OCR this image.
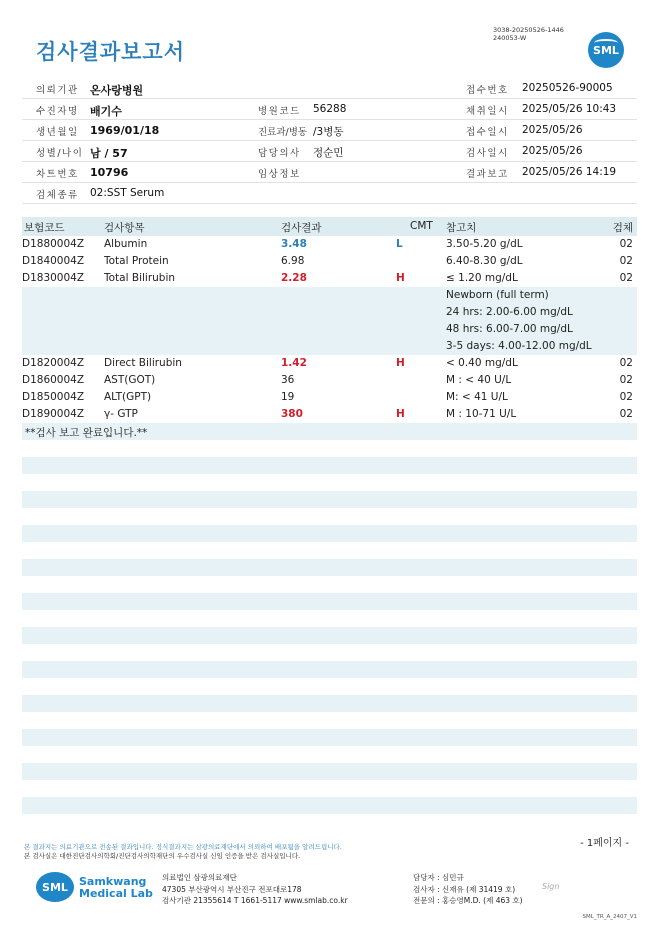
검사결과보고서
3038-20250526-1446
240053-W
SML
의뢰기관 온사랑병원	접수번호 20250526-90005
수진자명 배기수	병원코드 56288	채취일시 2025/05/26 10:43
생년월일 1969/01/18	진료과/병동 /3병동	접수일시 2025/05/26
성별/나이 남 / 57	담당의사 정순민	검사일시 2025/05/26
차트번호 10796	임상정보	결과보고 2025/05/26 14:19
검체종류 02:SST Serum
보험코드	검사항목	검사결과	CMT 참고치	검체
D1880004Z Albumin	3.48	L	3.50-5.20 g/dL	02
D1840004Z Total Protein	6.98	6.40-8.30 g/dL	02
D1830004Z Total Bilirubin	2.28	H	≤ 1.20 mg/dL	02
Newborn (full term)
24 hrs: 2.00-6.00 mg/dL
48 hrs: 6.00-7.00 mg/dL
3-5 days: 4.00-12.00 mg/dL
D1820004Z Direct Bilirubin	1.42	H	< 0.40 mg/dL	02
D1860004Z AST(GOT)	36	M : < 40 U/L	02
D1850004Z ALT(GPT)	19	M: < 41 U/L	02
D1890004Z γ- GTP	380	H	M : 10-71 U/L	02
**검사 보고 완료입니다.**
- 1페이지 -
본 결과지는 의료기관으로 전송된 결과입니다. 정식결과지는 삼광의료재단에서 의뢰하여 배포됨을 알려드립니다.
본 검사실은 대한진단검사의학회/진단검사의학재단의 우수검사실 신임 인증을 받은 검사실입니다.
SML	Samkwang
Medical Lab
의료법인 삼광의료재단
47305 부산광역시 부산진구 전포대로178
검사기관 21355614 T 1661-5117 www.smlab.co.kr
담당자 : 심민규
검사자 : 신재유 (제 31419 호)
전문의 : 홍승영M.D. (제 463 호)
Sign
SML_TR_A_2407_V1
